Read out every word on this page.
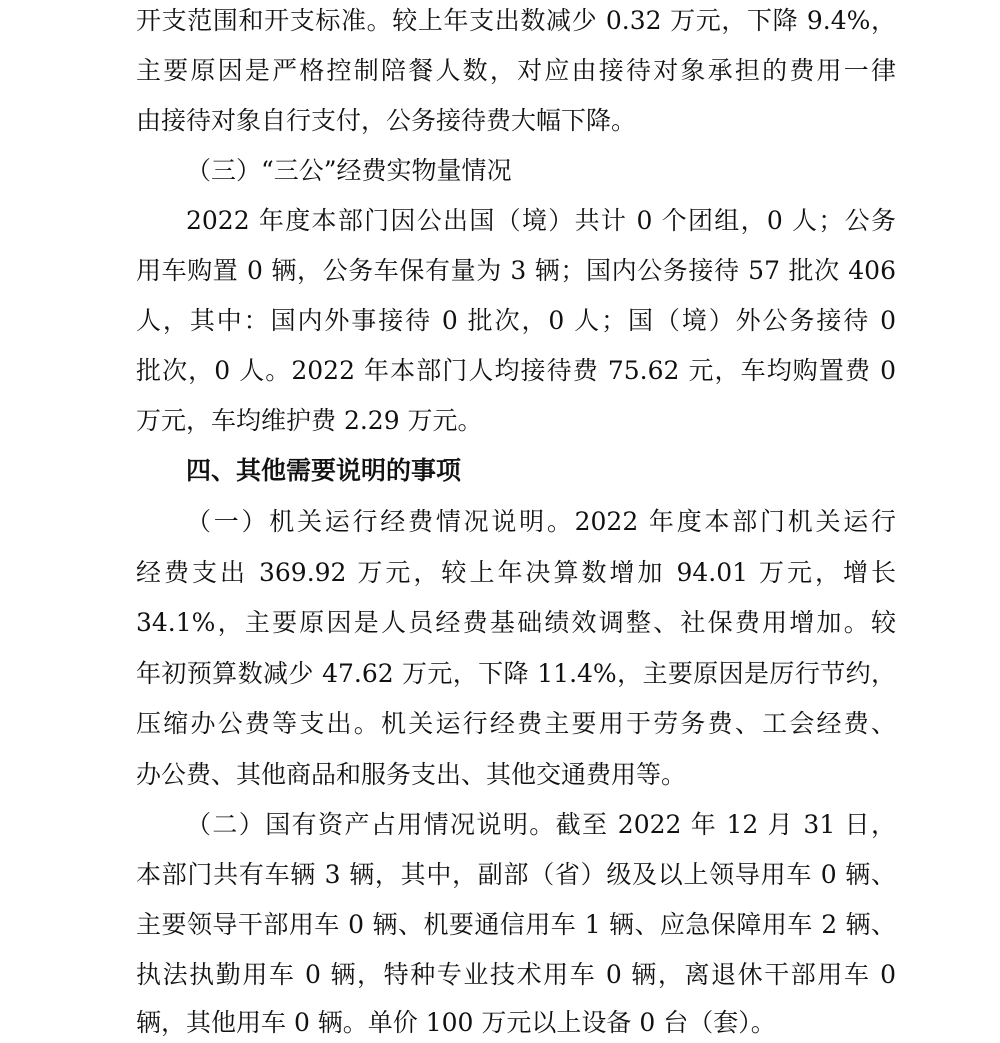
开支范围和开支标准。较上年支出数减少 0.32 万元，下降 9.4%，
主要原因是严格控制陪餐人数，对应由接待对象承担的费用一律
由接待对象自行支付，公务接待费大幅下降。
（三）“三公”经费实物量情况
2022 年度本部门因公出国（境）共计 0 个团组，0 人；公务
用车购置 0 辆，公务车保有量为 3 辆；国内公务接待 57 批次 406
人，其中：国内外事接待 0 批次，0 人；国（境）外公务接待 0
批次，0 人。2022 年本部门人均接待费 75.62 元，车均购置费 0
万元，车均维护费 2.29 万元。
四、其他需要说明的事项
（一）机关运行经费情况说明。2022 年度本部门机关运行
经费支出 369.92 万元，较上年决算数增加 94.01 万元，增长
34.1%，主要原因是人员经费基础绩效调整、社保费用增加。较
年初预算数减少 47.62 万元，下降 11.4%，主要原因是厉行节约，
压缩办公费等支出。机关运行经费主要用于劳务费、工会经费、
办公费、其他商品和服务支出、其他交通费用等。
（二）国有资产占用情况说明。截至 2022 年 12 月 31 日，
本部门共有车辆 3 辆，其中，副部（省）级及以上领导用车 0 辆、
主要领导干部用车 0 辆、机要通信用车 1 辆、应急保障用车 2 辆、
执法执勤用车 0 辆，特种专业技术用车 0 辆，离退休干部用车 0
辆，其他用车 0 辆。单价 100 万元以上设备 0 台（套）。
